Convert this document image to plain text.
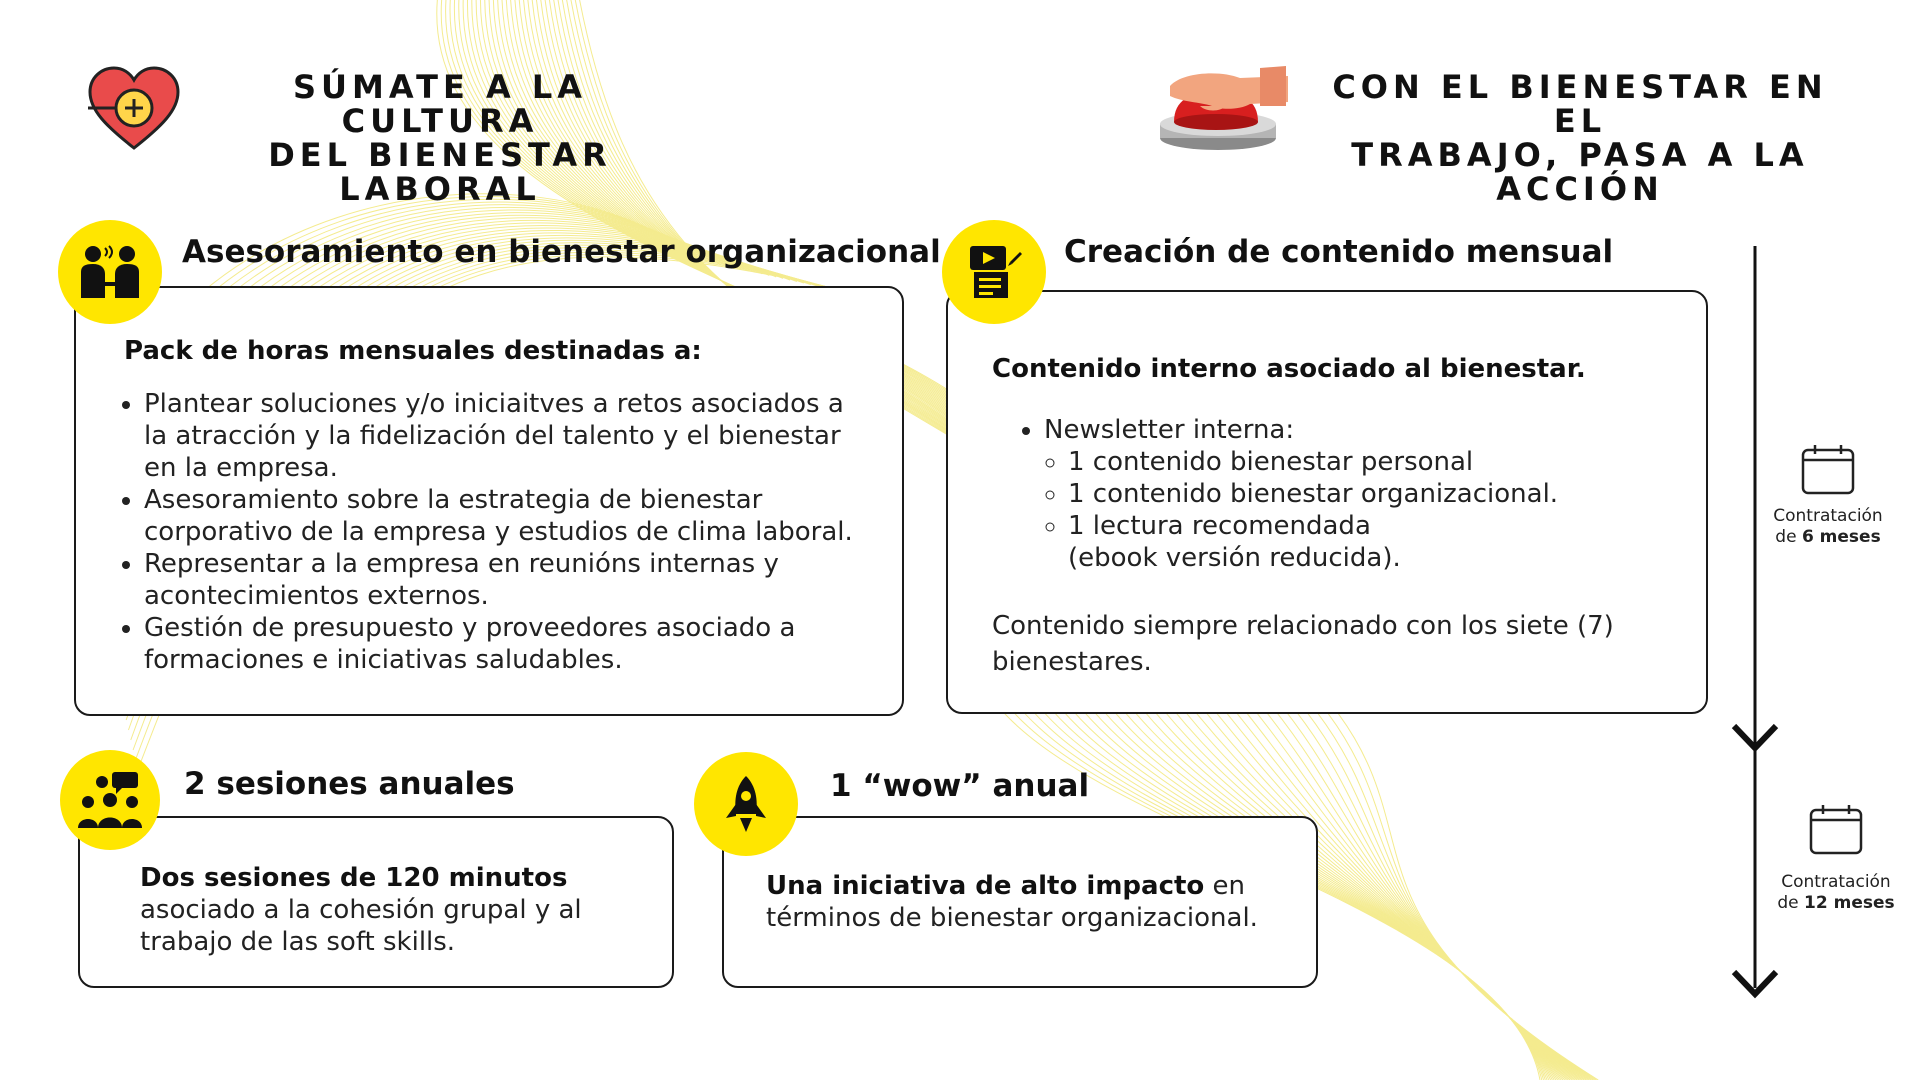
SÚMATE A LA CULTURA
DEL BIENESTAR LABORAL
CON EL BIENESTAR EN EL
TRABAJO, PASA A LA ACCIÓN
Asesoramiento en bienestar organizacional
Pack de horas mensuales destinadas a:
• Plantear soluciones y/o iniciaitves a retos asociados a la atracción y la fidelización del talento y el bienestar en la empresa.
• Asesoramiento sobre la estrategia de bienestar corporativo de la empresa y estudios de clima laboral.
• Representar a la empresa en reunións internas y acontecimientos externos.
• Gestión de presupuesto y proveedores asociado a formaciones e iniciativas saludables.
Creación de contenido mensual
Contenido interno asociado al bienestar.
• Newsletter interna:
◦ 1 contenido bienestar personal
◦ 1 contenido bienestar organizacional.
◦ 1 lectura recomendada (ebook versión reducida).
Contenido siempre relacionado con los siete (7) bienestares.
2 sesiones anuales
Dos sesiones de 120 minutos
asociado a la cohesión grupal y al trabajo de las soft skills.
1 “wow” anual
Una iniciativa de alto impacto en términos de bienestar organizacional.
Contratación
de 6 meses
Contratación
de 12 meses
